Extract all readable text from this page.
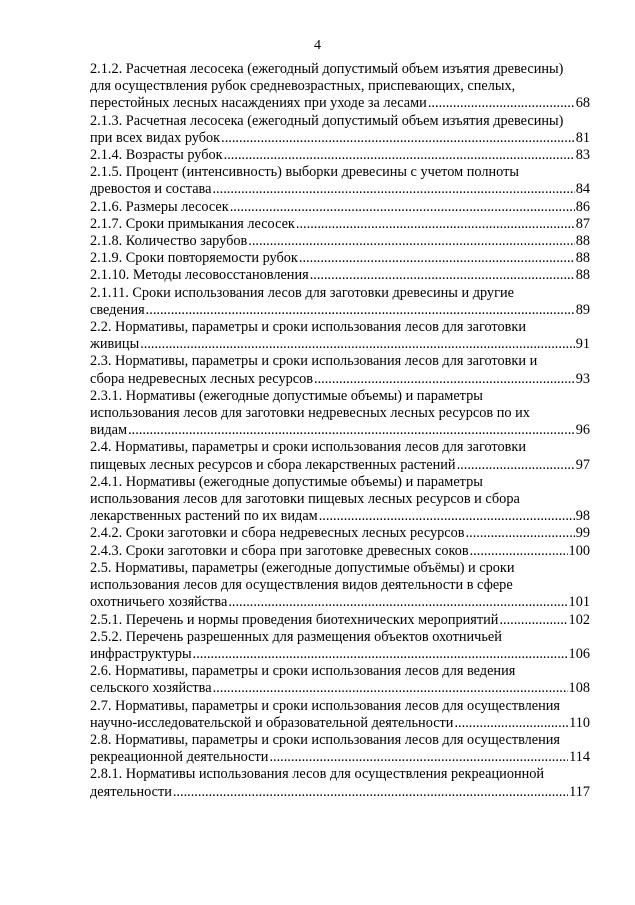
4
2.1.2. Расчетная лесосека (ежегодный допустимый объем изъятия древесины)
для осуществления рубок средневозрастных, приспевающих, спелых,
перестойных лесных насаждениях при уходе за лесами .....	68
2.1.3. Расчетная лесосека (ежегодный допустимый объем изъятия древесины)
при всех видах рубок .....	81
2.1.4. Возрасты рубок .....	83
2.1.5. Процент (интенсивность) выборки древесины с учетом полноты
древостоя и состава .....	84
2.1.6. Размеры лесосек .....	86
2.1.7. Сроки примыкания лесосек .....	87
2.1.8. Количество зарубов .....	88
2.1.9. Сроки повторяемости рубок .....	88
2.1.10. Методы лесовосстановления .....	88
2.1.11. Сроки использования лесов для заготовки древесины и другие
сведения .....	89
2.2. Нормативы, параметры и сроки использования лесов для заготовки
живицы .....	91
2.3. Нормативы, параметры и сроки использования лесов для заготовки и
сбора недревесных лесных ресурсов .....	93
2.3.1. Нормативы (ежегодные допустимые объемы) и параметры
использования лесов для заготовки недревесных лесных ресурсов по их
видам .....	96
2.4. Нормативы, параметры и сроки использования лесов для заготовки
пищевых лесных ресурсов и сбора лекарственных растений .....	97
2.4.1. Нормативы (ежегодные допустимые объемы) и параметры
использования лесов для заготовки пищевых лесных ресурсов и сбора
лекарственных растений по их видам .....	98
2.4.2. Сроки заготовки и сбора недревесных лесных ресурсов .....	99
2.4.3. Сроки заготовки и сбора при заготовке древесных соков .....	100
2.5. Нормативы, параметры (ежегодные допустимые объёмы) и сроки
использования лесов для осуществления видов деятельности в сфере
охотничьего хозяйства .....	101
2.5.1. Перечень и нормы проведения биотехнических мероприятий .....	102
2.5.2. Перечень разрешенных для размещения объектов охотничьей
инфраструктуры .....	106
2.6. Нормативы, параметры и сроки использования лесов для ведения
сельского хозяйства .....	108
2.7. Нормативы, параметры и сроки использования лесов для осуществления
научно-исследовательской и образовательной деятельности .....	110
2.8. Нормативы, параметры и сроки использования лесов для осуществления
рекреационной деятельности .....	114
2.8.1. Нормативы использования лесов для осуществления рекреационной
деятельности .....	117
